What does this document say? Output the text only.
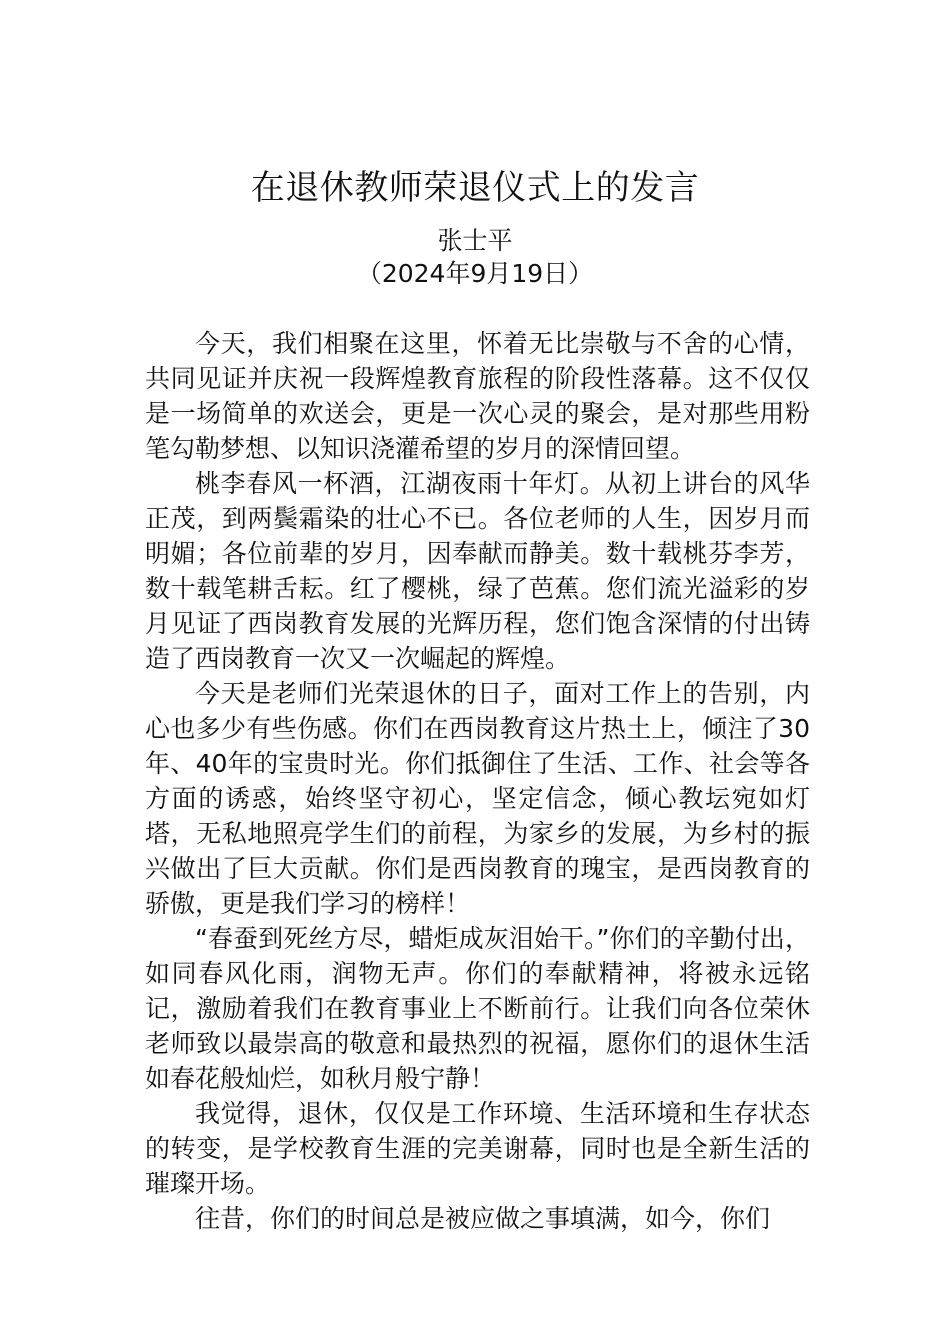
在退休教师荣退仪式上的发言
张士平
（2024年9月19日）

今天，我们相聚在这里，怀着无比崇敬与不舍的心情，共同见证并庆祝一段辉煌教育旅程的阶段性落幕。这不仅仅是一场简单的欢送会，更是一次心灵的聚会，是对那些用粉笔勾勒梦想、以知识浇灌希望的岁月的深情回望。

桃李春风一杯酒，江湖夜雨十年灯。从初上讲台的风华正茂，到两鬓霜染的壮心不已。各位老师的人生，因岁月而明媚；各位前辈的岁月，因奉献而静美。数十载桃芬李芳，数十载笔耕舌耘。红了樱桃，绿了芭蕉。您们流光溢彩的岁月见证了西岗教育发展的光辉历程，您们饱含深情的付出铸造了西岗教育一次又一次崛起的辉煌。

今天是老师们光荣退休的日子，面对工作上的告别，内心也多少有些伤感。你们在西岗教育这片热土上，倾注了30年、40年的宝贵时光。你们抵御住了生活、工作、社会等各方面的诱惑，始终坚守初心，坚定信念，倾心教坛宛如灯塔，无私地照亮学生们的前程，为家乡的发展，为乡村的振兴做出了巨大贡献。你们是西岗教育的瑰宝，是西岗教育的骄傲，更是我们学习的榜样！

“春蚕到死丝方尽，蜡炬成灰泪始干。”你们的辛勤付出，如同春风化雨，润物无声。你们的奉献精神，将被永远铭记，激励着我们在教育事业上不断前行。让我们向各位荣休老师致以最崇高的敬意和最热烈的祝福，愿你们的退休生活如春花般灿烂，如秋月般宁静！

我觉得，退休，仅仅是工作环境、生活环境和生存状态的转变，是学校教育生涯的完美谢幕，同时也是全新生活的璀璨开场。

往昔，你们的时间总是被应做之事填满，如今，你们
